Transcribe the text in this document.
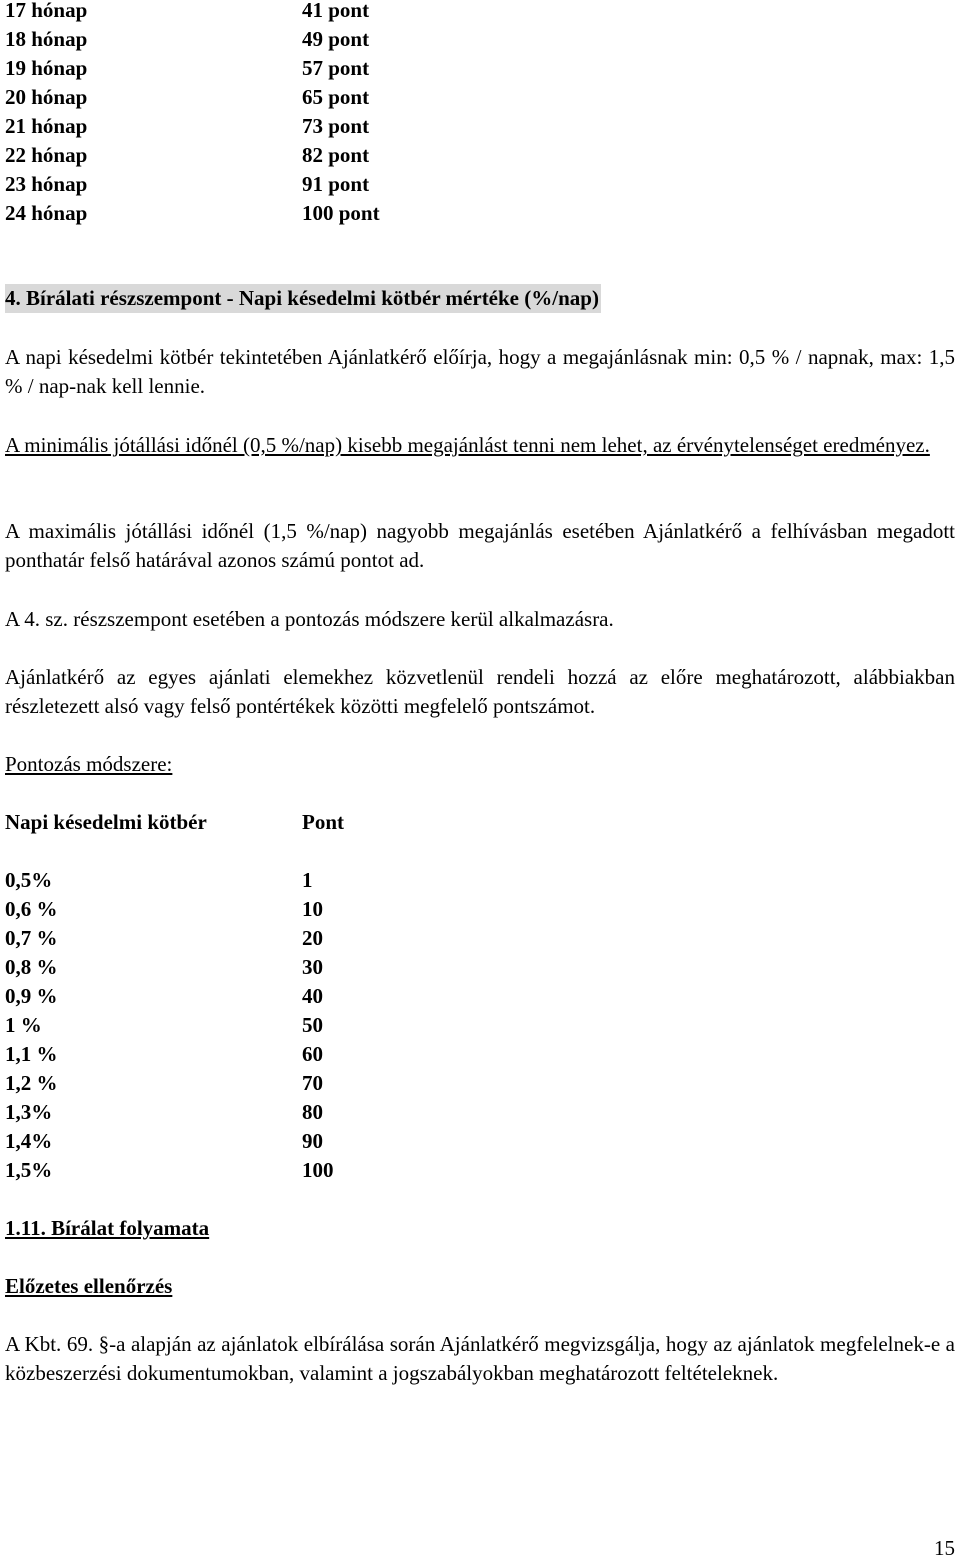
17 hónap	41 pont
18 hónap	49 pont
19 hónap	57 pont
20 hónap	65 pont
21 hónap	73 pont
22 hónap	82 pont
23 hónap	91 pont
24 hónap	100 pont
4. Bírálati részszempont - Napi késedelmi kötbér mértéke (%/nap)
A napi késedelmi kötbér tekintetében Ajánlatkérő előírja, hogy a megajánlásnak min: 0,5 % / napnak, max: 1,5 % / nap-nak kell lennie.
A minimális jótállási időnél (0,5 %/nap) kisebb megajánlást tenni nem lehet, az érvénytelenséget eredményez.
A maximális jótállási időnél (1,5 %/nap) nagyobb megajánlás esetében Ajánlatkérő a felhívásban megadott ponthatár felső határával azonos számú pontot ad.
A 4. sz. részszempont esetében a pontozás módszere kerül alkalmazásra.
Ajánlatkérő az egyes ajánlati elemekhez közvetlenül rendeli hozzá az előre meghatározott, alábbiakban részletezett alsó vagy felső pontértékek közötti megfelelő pontszámot.
Pontozás módszere:
Napi késedelmi kötbér	Pont
0,5%	1
0,6 %	10
0,7 %	20
0,8 %	30
0,9 %	40
1 %	50
1,1 %	60
1,2 %	70
1,3%	80
1,4%	90
1,5%	100
1.11. Bírálat folyamata
Előzetes ellenőrzés
A Kbt. 69. §-a alapján az ajánlatok elbírálása során Ajánlatkérő megvizsgálja, hogy az ajánlatok megfelelnek-e a közbeszerzési dokumentumokban, valamint a jogszabályokban meghatározott feltételeknek.
15
